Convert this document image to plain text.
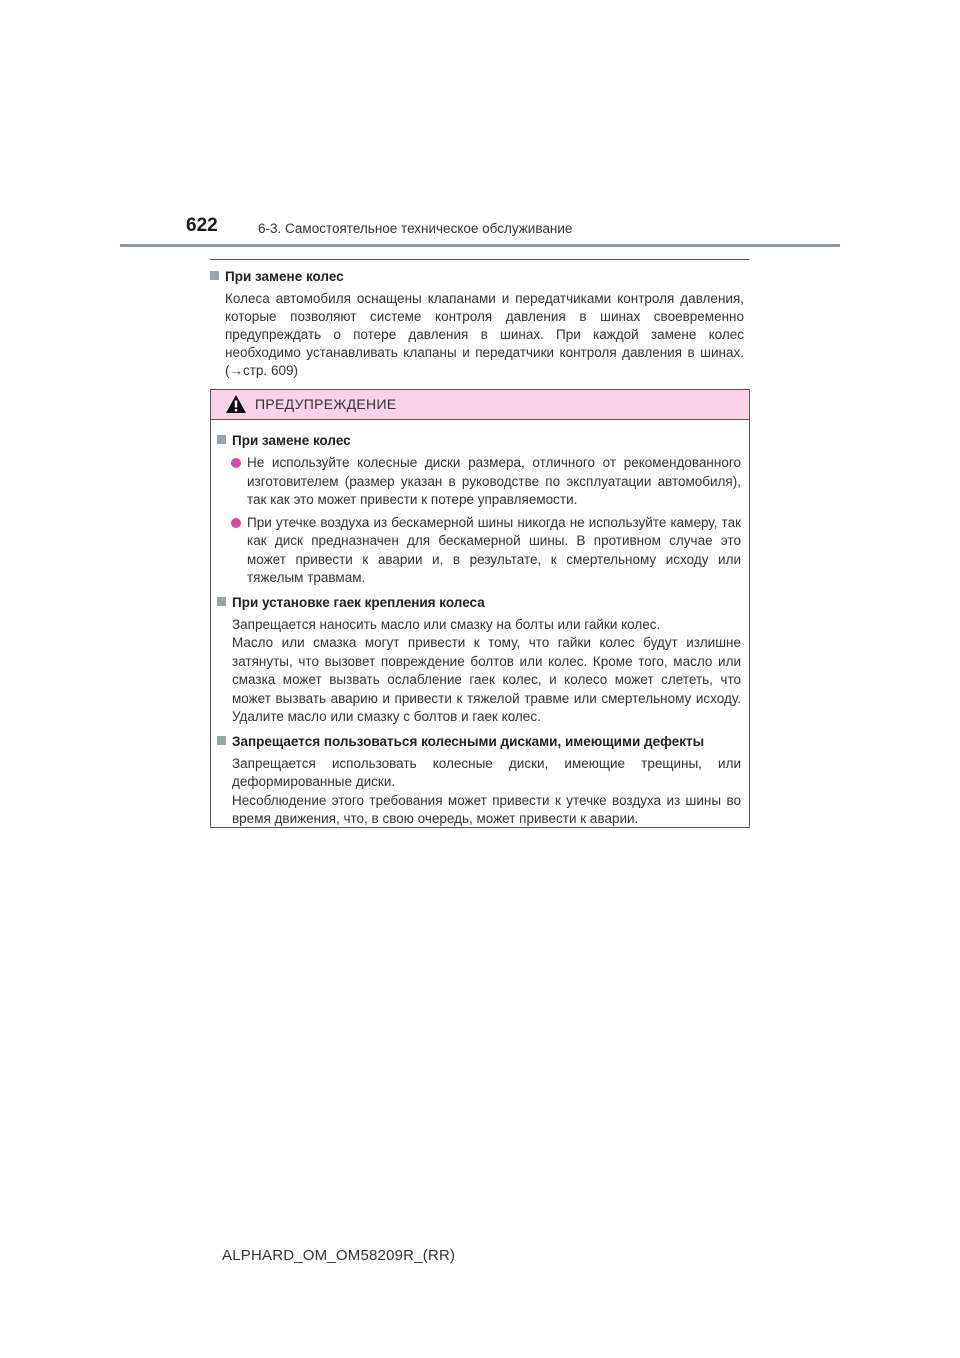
622	6-3. Самостоятельное техническое обслуживание
При замене колес
Колеса автомобиля оснащены клапанами и передатчиками контроля давления, которые позволяют системе контроля давления в шинах своевременно предупреждать о потере давления в шинах. При каждой замене колес необходимо устанавливать клапаны и передатчики контроля давления в шинах. (→стр. 609)
ПРЕДУПРЕЖДЕНИЕ
При замене колес
Не используйте колесные диски размера, отличного от рекомендованного изготовителем (размер указан в руководстве по эксплуатации автомобиля), так как это может привести к потере управляемости.
При утечке воздуха из бескамерной шины никогда не используйте камеру, так как диск предназначен для бескамерной шины. В противном случае это может привести к аварии и, в результате, к смертельному исходу или тяжелым травмам.
При установке гаек крепления колеса
Запрещается наносить масло или смазку на болты или гайки колес.
Масло или смазка могут привести к тому, что гайки колес будут излишне затянуты, что вызовет повреждение болтов или колес. Кроме того, масло или смазка может вызвать ослабление гаек колес, и колесо может слететь, что может вызвать аварию и привести к тяжелой травме или смертельному исходу. Удалите масло или смазку с болтов и гаек колес.
Запрещается пользоваться колесными дисками, имеющими дефекты
Запрещается использовать колесные диски, имеющие трещины, или деформированные диски.
Несоблюдение этого требования может привести к утечке воздуха из шины во время движения, что, в свою очередь, может привести к аварии.
ALPHARD_OM_OM58209R_(RR)
